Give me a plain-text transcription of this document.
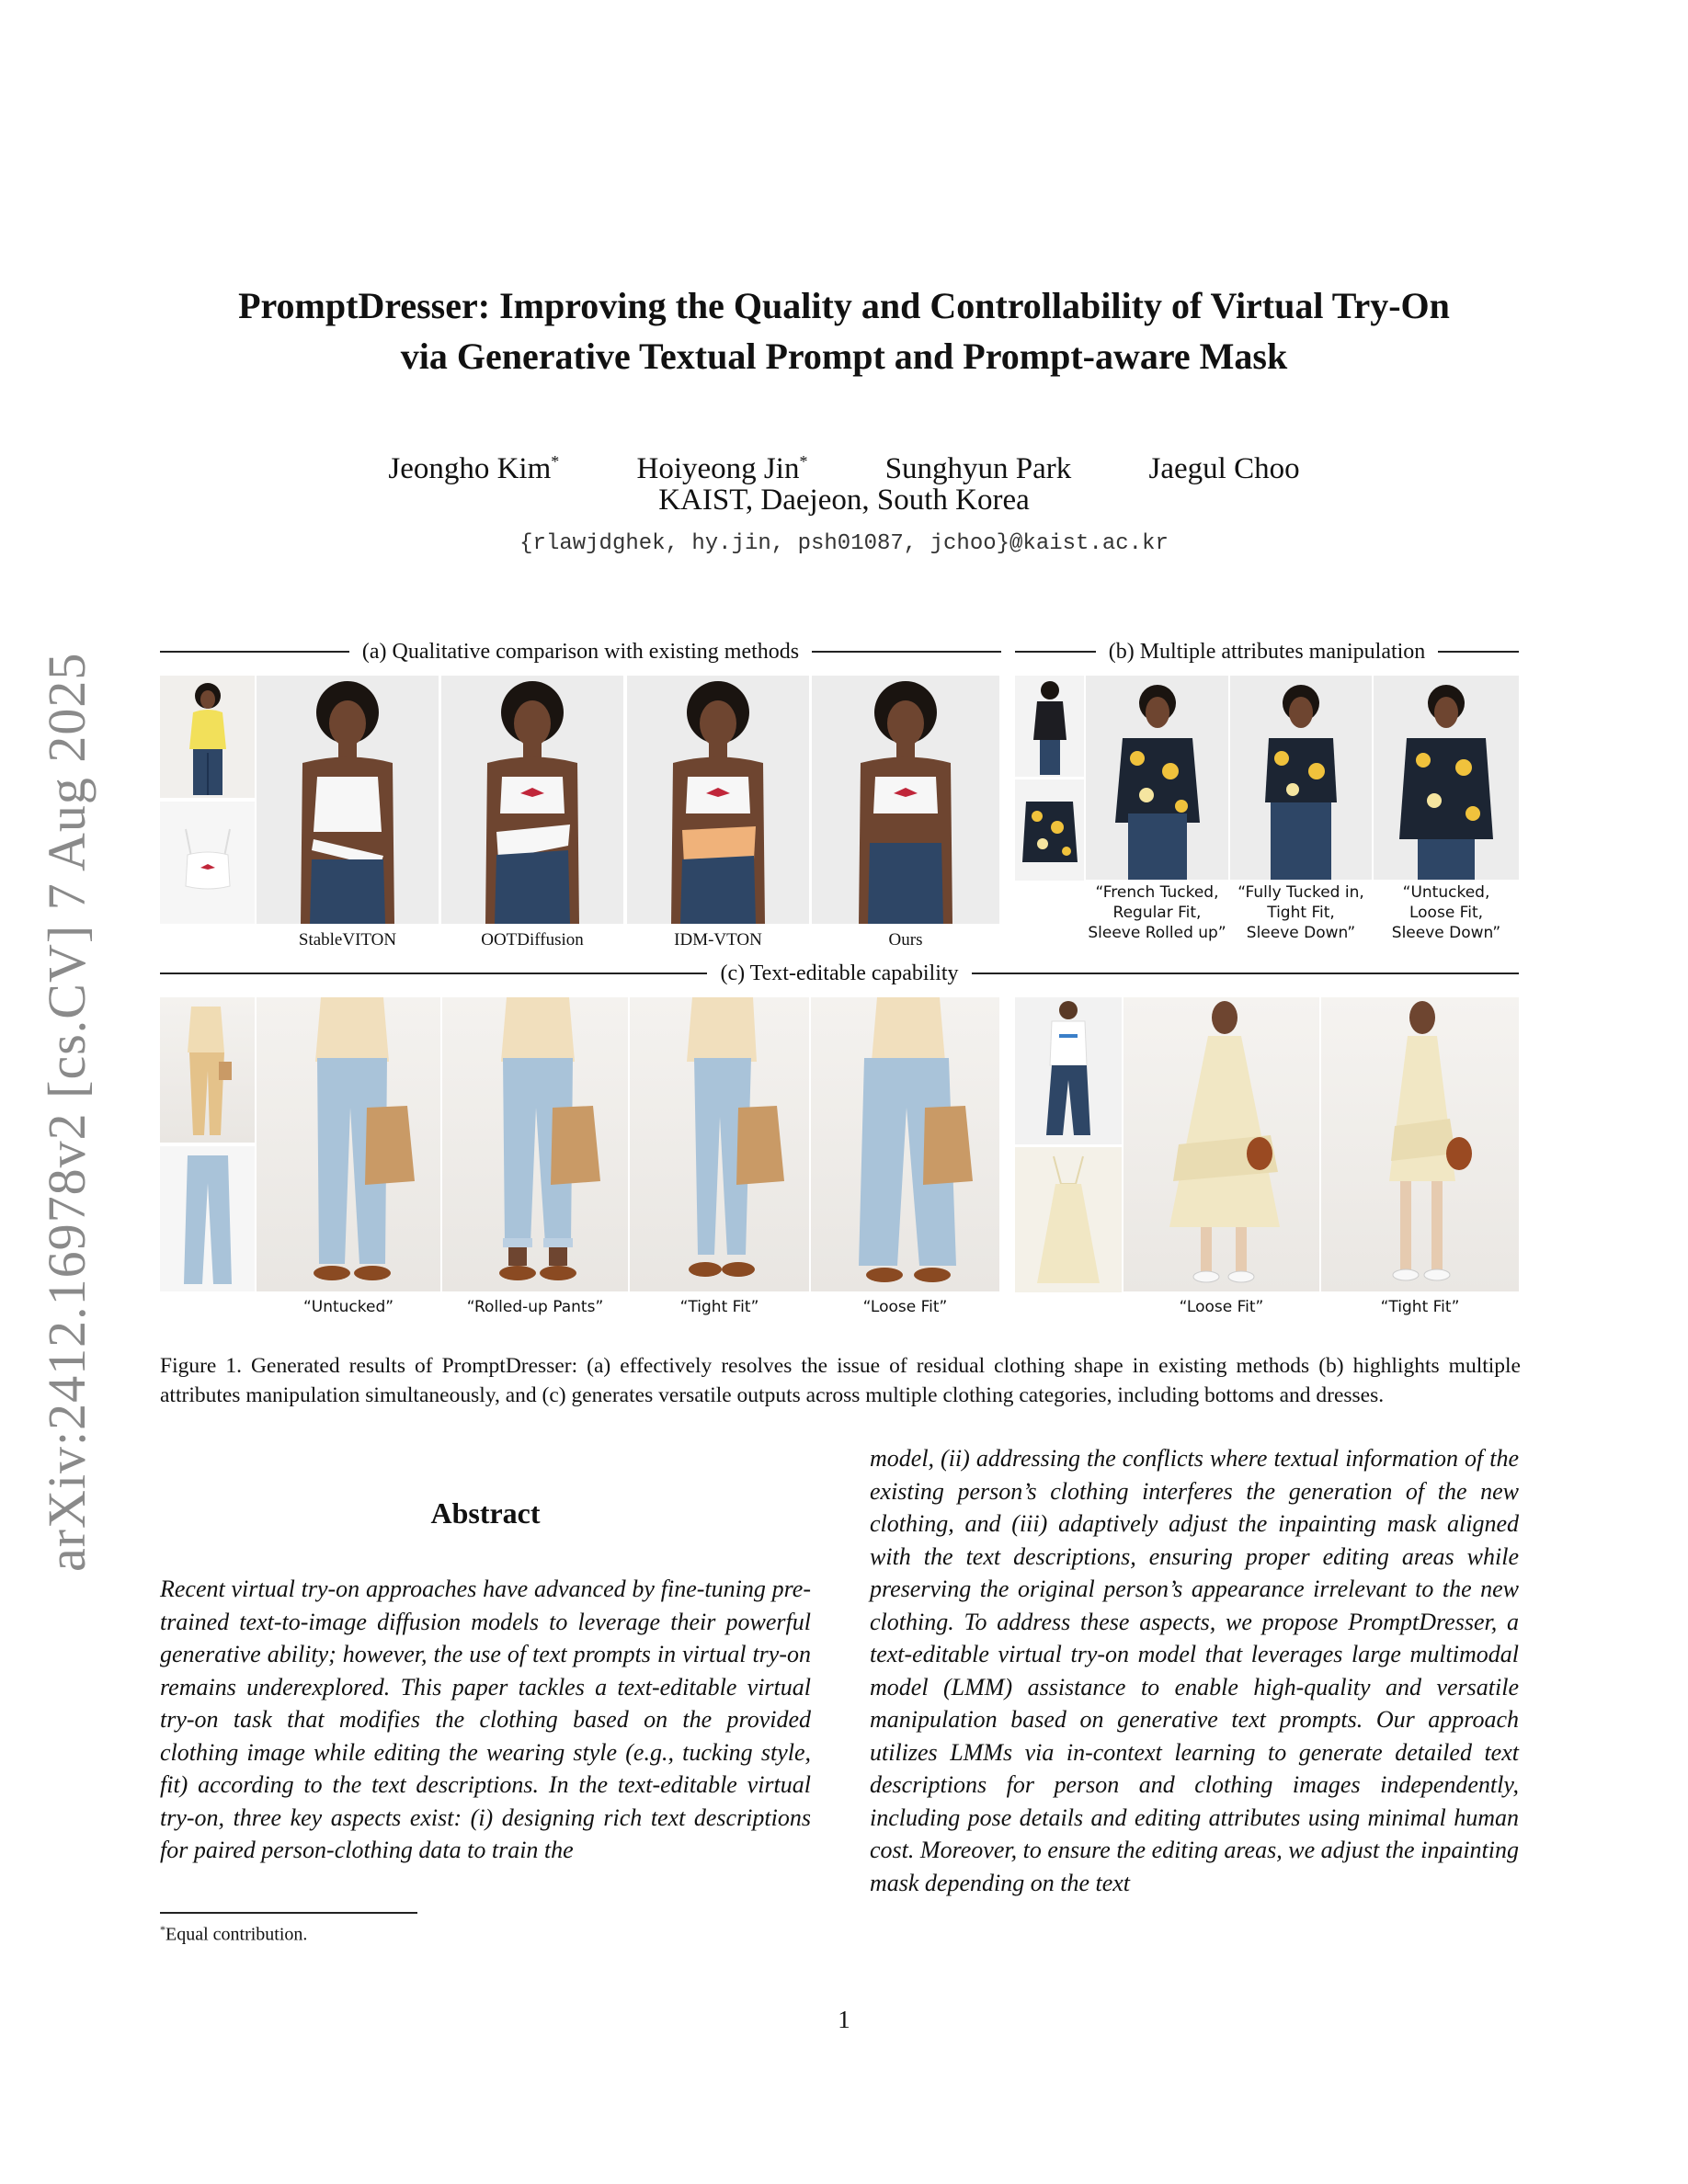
arXiv:2412.16978v2 [cs.CV] 7 Aug 2025
PromptDresser: Improving the Quality and Controllability of Virtual Try-On
via Generative Textual Prompt and Prompt-aware Mask
Jeongho Kim*	Hoiyeong Jin*	Sunghyun Park	Jaegul Choo
KAIST, Daejeon, South Korea
{rlawjdghek, hy.jin, psh01087, jchoo}@kaist.ac.kr
(a) Qualitative comparison with existing methods	(b) Multiple attributes manipulation
(c) Text-editable capability
StableVITON	OOTDiffusion	IDM-VTON	Ours
“French Tucked,
Regular Fit,
Sleeve Rolled up”
“Fully Tucked in,
Tight Fit,
Sleeve Down”
“Untucked,
Loose Fit,
Sleeve Down”
“Untucked”	“Rolled-up Pants”	“Tight Fit”	“Loose Fit”	“Loose Fit”	“Tight Fit”
Figure 1. Generated results of PromptDresser: (a) effectively resolves the issue of residual clothing shape in existing methods (b) highlights multiple attributes manipulation simultaneously, and (c) generates versatile outputs across multiple clothing categories, including bottoms and dresses.
Abstract

Recent virtual try-on approaches have advanced by fine-tuning pre-trained text-to-image diffusion models to leverage their powerful generative ability; however, the use of text prompts in virtual try-on remains underexplored. This paper tackles a text-editable virtual try-on task that modifies the clothing based on the provided clothing image while editing the wearing style (e.g., tucking style, fit) according to the text descriptions. In the text-editable virtual try-on, three key aspects exist: (i) designing rich text descriptions for paired person-clothing data to train the

model, (ii) addressing the conflicts where textual information of the existing person’s clothing interferes the generation of the new clothing, and (iii) adaptively adjust the inpainting mask aligned with the text descriptions, ensuring proper editing areas while preserving the original person’s appearance irrelevant to the new clothing. To address these aspects, we propose PromptDresser, a text-editable virtual try-on model that leverages large multimodal model (LMM) assistance to enable high-quality and versatile manipulation based on generative text prompts. Our approach utilizes LMMs via in-context learning to generate detailed text descriptions for person and clothing images independently, including pose details and editing attributes using minimal human cost. Moreover, to ensure the editing areas, we adjust the inpainting mask depending on the text

*Equal contribution.
1
